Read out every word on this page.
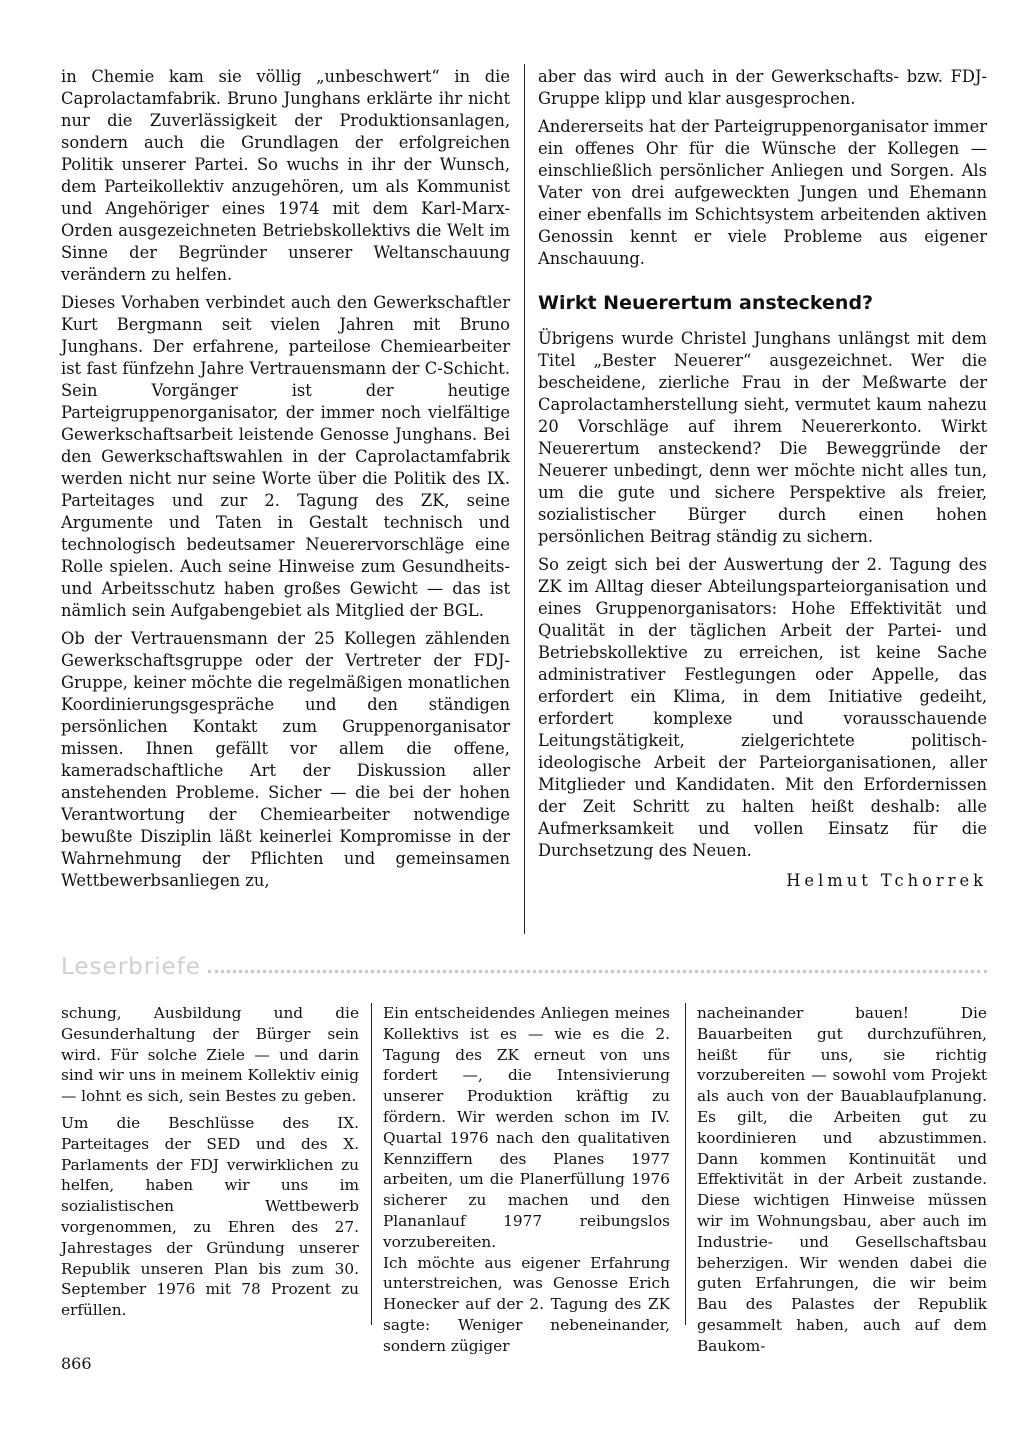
in Chemie kam sie völlig „unbeschwert“ in die Caprolactamfabrik. Bruno Junghans erklärte ihr nicht nur die Zuverlässigkeit der Produktionsanlagen, sondern auch die Grundlagen der erfolgreichen Politik unserer Partei. So wuchs in ihr der Wunsch, dem Parteikollektiv anzugehören, um als Kommunist und Angehöriger eines 1974 mit dem Karl-Marx-Orden ausgezeichneten Betriebskollektivs die Welt im Sinne der Begründer unserer Weltanschauung verändern zu helfen.

Dieses Vorhaben verbindet auch den Gewerkschaftler Kurt Bergmann seit vielen Jahren mit Bruno Junghans. Der erfahrene, parteilose Chemiearbeiter ist fast fünfzehn Jahre Vertrauensmann der C-Schicht. Sein Vorgänger ist der heutige Parteigruppenorganisator, der immer noch vielfältige Gewerkschaftsarbeit leistende Genosse Junghans. Bei den Gewerkschaftswahlen in der Caprolactamfabrik werden nicht nur seine Worte über die Politik des IX. Parteitages und zur 2. Tagung des ZK, seine Argumente und Taten in Gestalt technisch und technologisch bedeutsamer Neuerervorschläge eine Rolle spielen. Auch seine Hinweise zum Gesundheits- und Arbeitsschutz haben großes Gewicht — das ist nämlich sein Aufgabengebiet als Mitglied der BGL.

Ob der Vertrauensmann der 25 Kollegen zählenden Gewerkschaftsgruppe oder der Vertreter der FDJ-Gruppe, keiner möchte die regelmäßigen monatlichen Koordinierungsgespräche und den ständigen persönlichen Kontakt zum Gruppenorganisator missen. Ihnen gefällt vor allem die offene, kameradschaftliche Art der Diskussion aller anstehenden Probleme. Sicher — die bei der hohen Verantwortung der Chemiearbeiter notwendige bewußte Disziplin läßt keinerlei Kompromisse in der Wahrnehmung der Pflichten und gemeinsamen Wettbewerbsanliegen zu,

aber das wird auch in der Gewerkschafts- bzw. FDJ-Gruppe klipp und klar ausgesprochen.

Andererseits hat der Parteigruppenorganisator immer ein offenes Ohr für die Wünsche der Kollegen — einschließlich persönlicher Anliegen und Sorgen. Als Vater von drei aufgeweckten Jungen und Ehemann einer ebenfalls im Schichtsystem arbeitenden aktiven Genossin kennt er viele Probleme aus eigener Anschauung.

Wirkt Neuerertum ansteckend?

Übrigens wurde Christel Junghans unlängst mit dem Titel „Bester Neuerer“ ausgezeichnet. Wer die bescheidene, zierliche Frau in der Meßwarte der Caprolactamherstellung sieht, vermutet kaum nahezu 20 Vorschläge auf ihrem Neuererkonto. Wirkt Neuerertum ansteckend? Die Beweggründe der Neuerer unbedingt, denn wer möchte nicht alles tun, um die gute und sichere Perspektive als freier, sozialistischer Bürger durch einen hohen persönlichen Beitrag ständig zu sichern.

So zeigt sich bei der Auswertung der 2. Tagung des ZK im Alltag dieser Abteilungsparteiorganisation und eines Gruppenorganisators: Hohe Effektivität und Qualität in der täglichen Arbeit der Partei- und Betriebskollektive zu erreichen, ist keine Sache administrativer Festlegungen oder Appelle, das erfordert ein Klima, in dem Initiative gedeiht, erfordert komplexe und vorausschauende Leitungstätigkeit, zielgerichtete politisch-ideologische Arbeit der Parteiorganisationen, aller Mitglieder und Kandidaten. Mit den Erfordernissen der Zeit Schritt zu halten heißt deshalb: alle Aufmerksamkeit und vollen Einsatz für die Durchsetzung des Neuen.

Helmut Tchorrek

Leserbriefe

schung, Ausbildung und die Gesunderhaltung der Bürger sein wird. Für solche Ziele — und darin sind wir uns in meinem Kollektiv einig — lohnt es sich, sein Bestes zu geben.

Um die Beschlüsse des IX. Parteitages der SED und des X. Parlaments der FDJ verwirklichen zu helfen, haben wir uns im sozialistischen Wettbewerb vorgenommen, zu Ehren des 27. Jahrestages der Gründung unserer Republik unseren Plan bis zum 30. September 1976 mit 78 Prozent zu erfüllen.

Ein entscheidendes Anliegen meines Kollektivs ist es — wie es die 2. Tagung des ZK erneut von uns fordert —, die Intensivierung unserer Produktion kräftig zu fördern. Wir werden schon im IV. Quartal 1976 nach den qualitativen Kennziffern des Planes 1977 arbeiten, um die Planerfüllung 1976 sicherer zu machen und den Plananlauf 1977 reibungslos vorzubereiten.

Ich möchte aus eigener Erfahrung unterstreichen, was Genosse Erich Honecker auf der 2. Tagung des ZK sagte: Weniger nebeneinander, sondern zügiger

nacheinander bauen! Die Bauarbeiten gut durchzuführen, heißt für uns, sie richtig vorzubereiten — sowohl vom Projekt als auch von der Bauablaufplanung. Es gilt, die Arbeiten gut zu koordinieren und abzustimmen. Dann kommen Kontinuität und Effektivität in der Arbeit zustande. Diese wichtigen Hinweise müssen wir im Wohnungsbau, aber auch im Industrie- und Gesellschaftsbau beherzigen. Wir wenden dabei die guten Erfahrungen, die wir beim Bau des Palastes der Republik gesammelt haben, auch auf dem Baukom-

866
